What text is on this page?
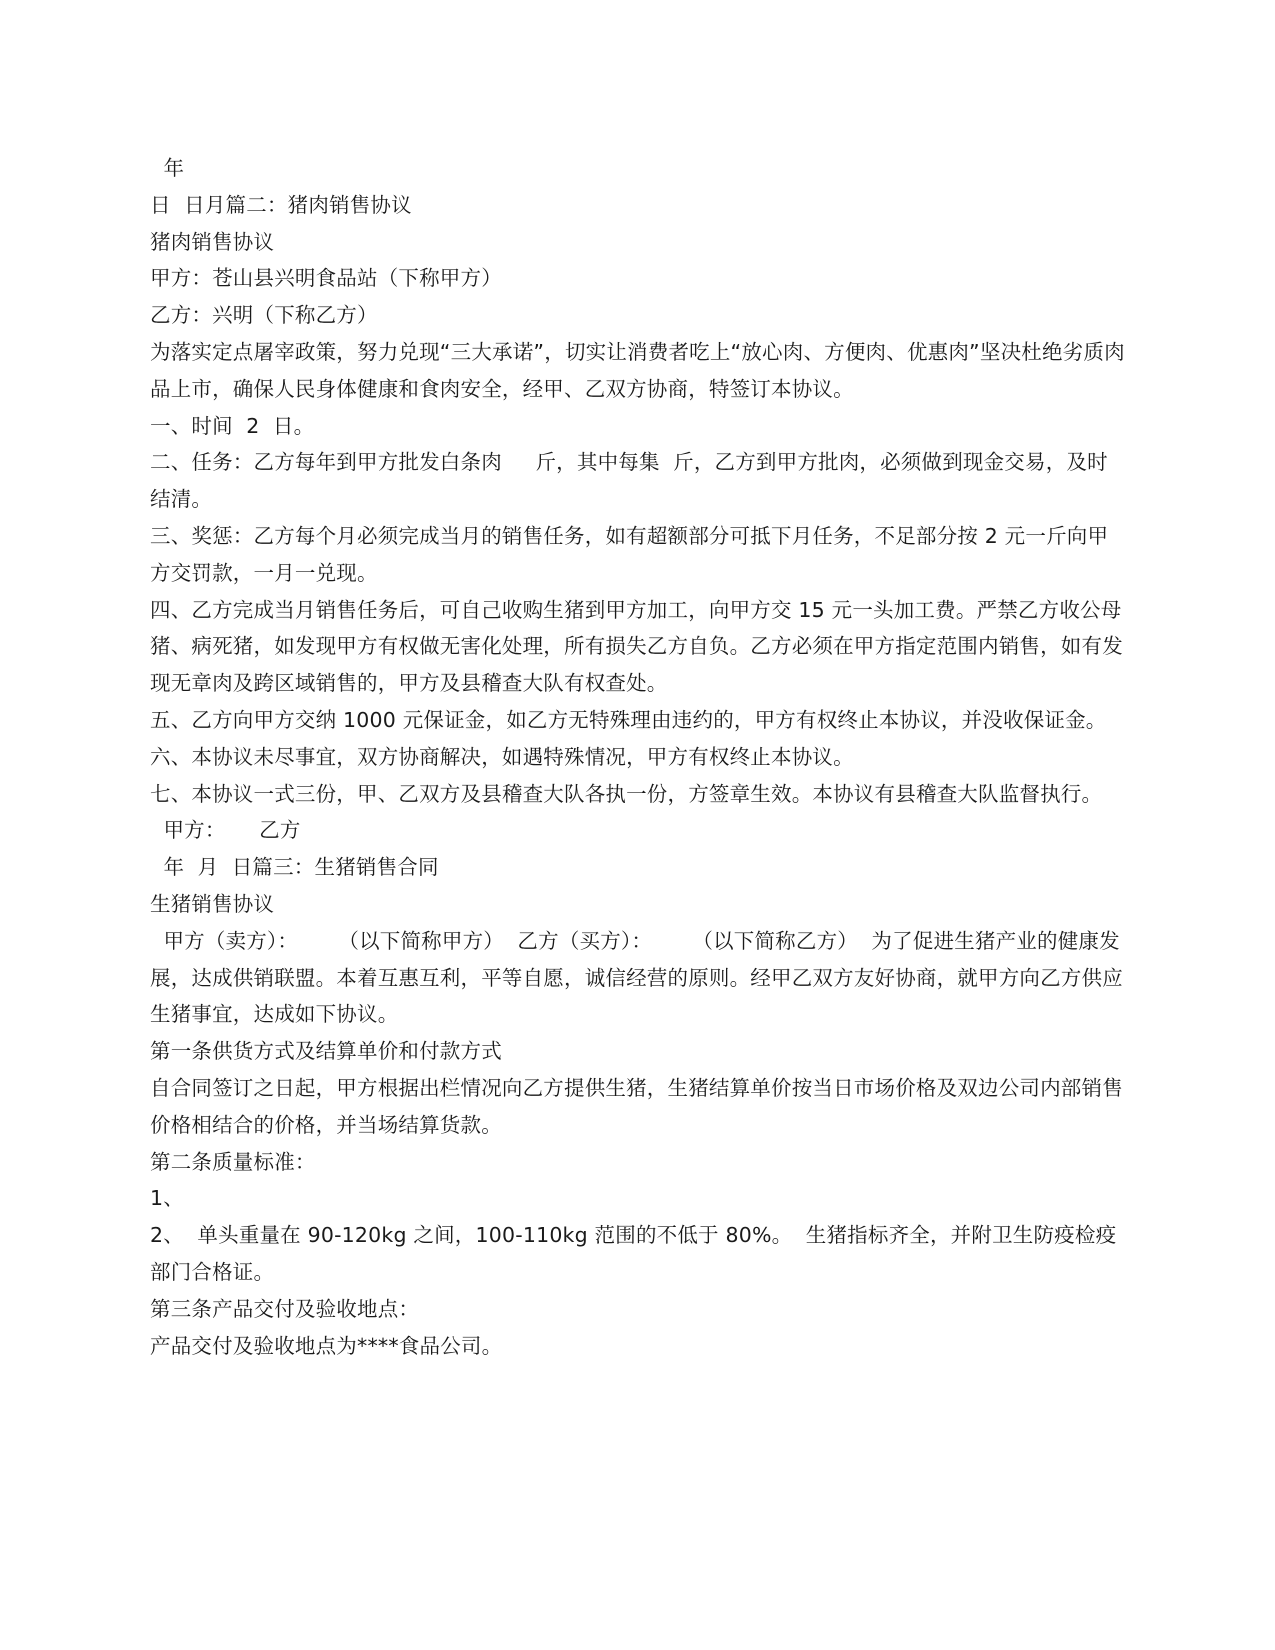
年

日  日月篇二：猪肉销售协议

猪肉销售协议

甲方：苍山县兴明食品站（下称甲方）

乙方：兴明（下称乙方）

为落实定点屠宰政策，努力兑现“三大承诺”，切实让消费者吃上“放心肉、方便肉、优惠肉”坚决杜绝劣质肉品上市，确保人民身体健康和食肉安全，经甲、乙双方协商，特签订本协议。

一、时间  2  日。

二、任务：乙方每年到甲方批发白条肉     斤，其中每集  斤，乙方到甲方批肉，必须做到现金交易，及时结清。

三、奖惩：乙方每个月必须完成当月的销售任务，如有超额部分可抵下月任务，不足部分按 2 元一斤向甲方交罚款，一月一兑现。

四、乙方完成当月销售任务后，可自己收购生猪到甲方加工，向甲方交 15 元一头加工费。严禁乙方收公母猪、病死猪，如发现甲方有权做无害化处理，所有损失乙方自负。乙方必须在甲方指定范围内销售，如有发现无章肉及跨区域销售的，甲方及县稽查大队有权查处。

五、乙方向甲方交纳 1000 元保证金，如乙方无特殊理由违约的，甲方有权终止本协议，并没收保证金。

六、本协议未尽事宜，双方协商解决，如遇特殊情况，甲方有权终止本协议。

七、本协议一式三份，甲、乙双方及县稽查大队各执一份，方签章生效。本协议有县稽查大队监督执行。

甲方：     乙方

年  月  日篇三：生猪销售合同

生猪销售协议

甲方（卖方）：      （以下简称甲方）  乙方（买方）：      （以下简称乙方）  为了促进生猪产业的健康发展，达成供销联盟。本着互惠互利，平等自愿，诚信经营的原则。经甲乙双方友好协商，就甲方向乙方供应生猪事宜，达成如下协议。

第一条供货方式及结算单价和付款方式

自合同签订之日起，甲方根据出栏情况向乙方提供生猪，生猪结算单价按当日市场价格及双边公司内部销售价格相结合的价格，并当场结算货款。

第二条质量标准：

1、

2、  单头重量在 90-120kg 之间，100-110kg 范围的不低于 80%。  生猪指标齐全，并附卫生防疫检疫部门合格证。

第三条产品交付及验收地点：

产品交付及验收地点为****食品公司。
